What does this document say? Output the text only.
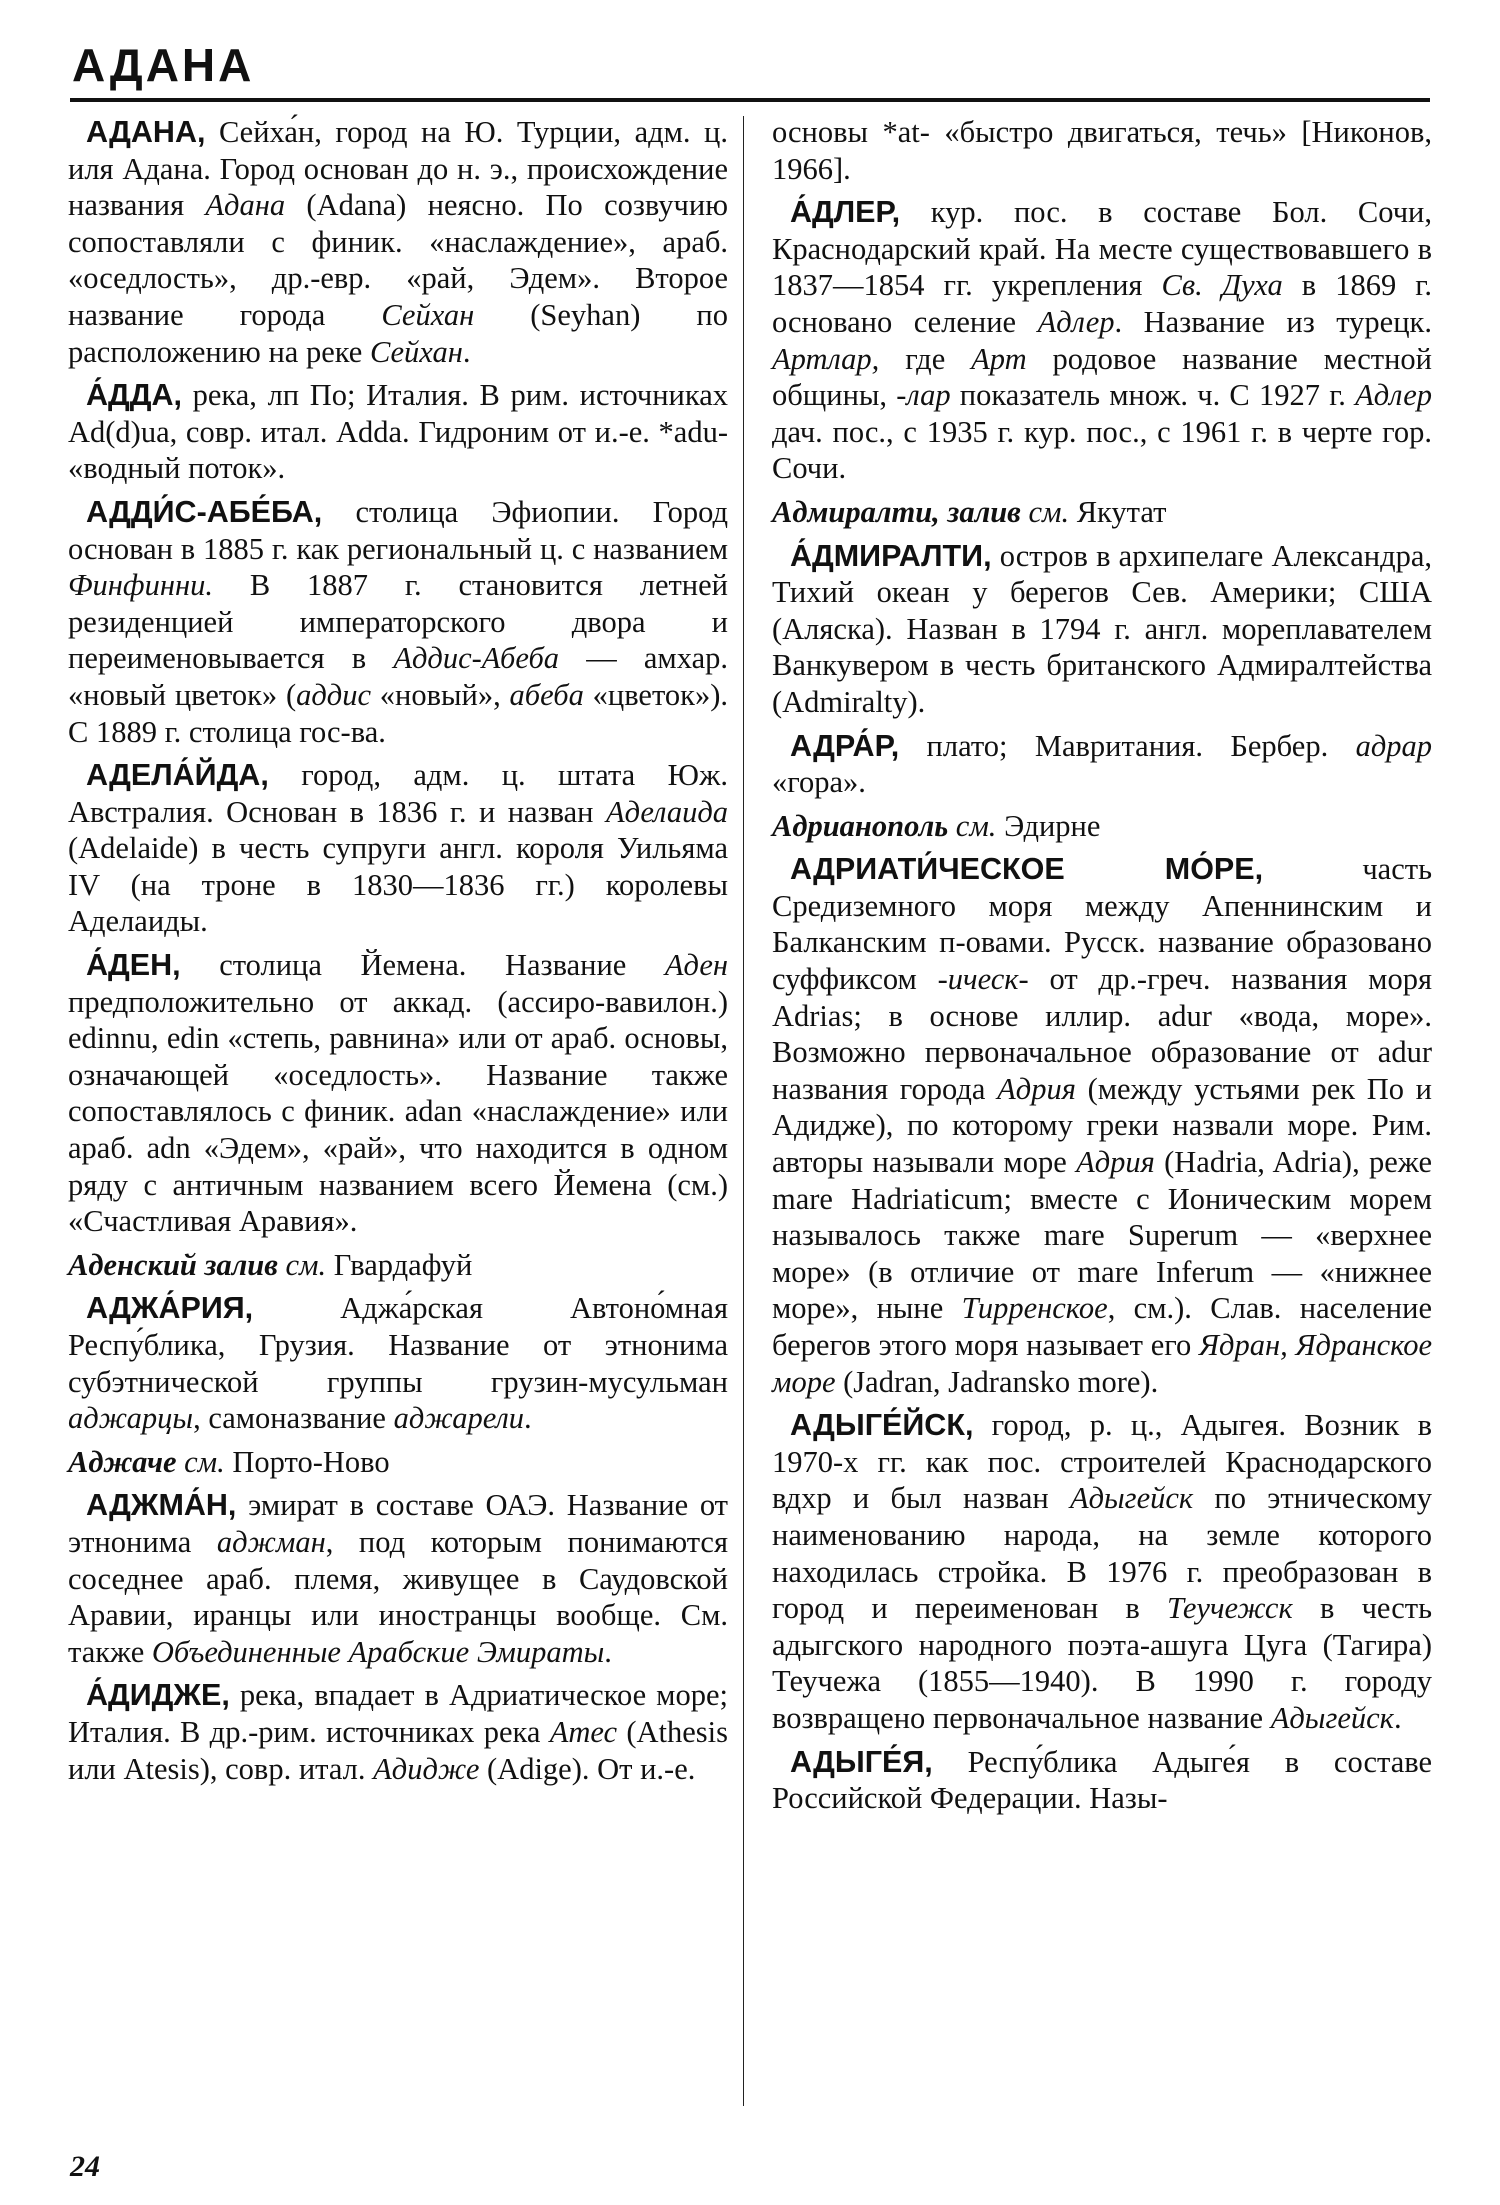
АДАНА

АДАНА, Сейха́н, город на Ю. Турции, адм. ц. иля Адана. Город основан до н. э., происхождение названия Адана (Adana) неясно. По созвучию сопоставляли с финик. «наслаждение», араб. «оседлость», др.-евр. «рай, Эдем». Второе название города Сейхан (Seyhan) по расположению на реке Сейхан.

А́ДДА, река, лп По; Италия. В рим. источниках Ad(d)ua, совр. итал. Adda. Гидроним от и.-е. *adu- «водный поток».

АДДИ́С-АБЕ́БА, столица Эфиопии. Город основан в 1885 г. как региональный ц. с названием Финфинни. В 1887 г. становится летней резиденцией императорского двора и переименовывается в Аддис-Абеба — амхар. «новый цветок» (аддис «новый», абеба «цветок»). С 1889 г. столица гос-ва.

АДЕЛА́ЙДА, город, адм. ц. штата Юж. Австралия. Основан в 1836 г. и назван Аделаида (Adelaide) в честь супруги англ. короля Уильяма IV (на троне в 1830—1836 гг.) королевы Аделаиды.

А́ДЕН, столица Йемена. Название Аден предположительно от аккад. (ассиро-вавилон.) edinnu, edin «степь, равнина» или от араб. основы, означающей «оседлость». Название также сопоставлялось с финик. adan «наслаждение» или араб. adn «Эдем», «рай», что находится в одном ряду с античным названием всего Йемена (см.) «Счастливая Аравия».

Аденский залив см. Гвардафуй

АДЖА́РИЯ, Аджа́рская Автоно́мная Респу́блика, Грузия. Название от этнонима субэтнической группы грузин-мусульман аджарцы, самоназвание аджарели.

Аджаче см. Порто-Ново

АДЖМА́Н, эмират в составе ОАЭ. Название от этнонима аджман, под которым понимаются соседнее араб. племя, живущее в Саудовской Аравии, иранцы или иностранцы вообще. См. также Объединенные Арабские Эмираты.

А́ДИДЖЕ, река, впадает в Адриатическое море; Италия. В др.-рим. источниках река Атес (Athesis или Atesis), совр. итал. Адидже (Adige). От и.-е.

основы *at- «быстро двигаться, течь» [Никонов, 1966].

А́ДЛЕР, кур. пос. в составе Бол. Сочи, Краснодарский край. На месте существовавшего в 1837—1854 гг. укрепления Св. Духа в 1869 г. основано селение Адлер. Название из турецк. Артлар, где Арт родовое название местной общины, -лар показатель множ. ч. С 1927 г. Адлер дач. пос., с 1935 г. кур. пос., с 1961 г. в черте гор. Сочи.

Адмиралти, залив см. Якутат

А́ДМИРАЛТИ, остров в архипелаге Александра, Тихий океан у берегов Сев. Америки; США (Аляска). Назван в 1794 г. англ. мореплавателем Ванкувером в честь британского Адмиралтейства (Admiralty).

АДРА́Р, плато; Мавритания. Бербер. адрар «гора».

Адрианополь см. Эдирне

АДРИАТИ́ЧЕСКОЕ МО́РЕ, часть Средиземного моря между Апеннинским и Балканским п-овами. Русск. название образовано суффиксом -ическ- от др.-греч. названия моря Adrias; в основе иллир. adur «вода, море». Возможно первоначальное образование от adur названия города Адрия (между устьями рек По и Адидже), по которому греки назвали море. Рим. авторы называли море Адрия (Hadria, Adria), реже mare Hadriaticum; вместе с Ионическим морем называлось также mare Superum — «верхнее море» (в отличие от mare Inferum — «нижнее море», ныне Тирренское, см.). Слав. население берегов этого моря называет его Ядран, Ядранское море (Jadran, Jadransko more).

АДЫГЕ́ЙСК, город, р. ц., Адыгея. Возник в 1970-х гг. как пос. строителей Краснодарского вдхр и был назван Адыгейск по этническому наименованию народа, на земле которого находилась стройка. В 1976 г. преобразован в город и переименован в Теучежск в честь адыгского народного поэта-ашуга Цуга (Тагира) Теучежа (1855—1940). В 1990 г. городу возвращено первоначальное название Адыгейск.

АДЫГЕ́Я, Респу́блика Адыге́я в составе Российской Федерации. Назы-

24
